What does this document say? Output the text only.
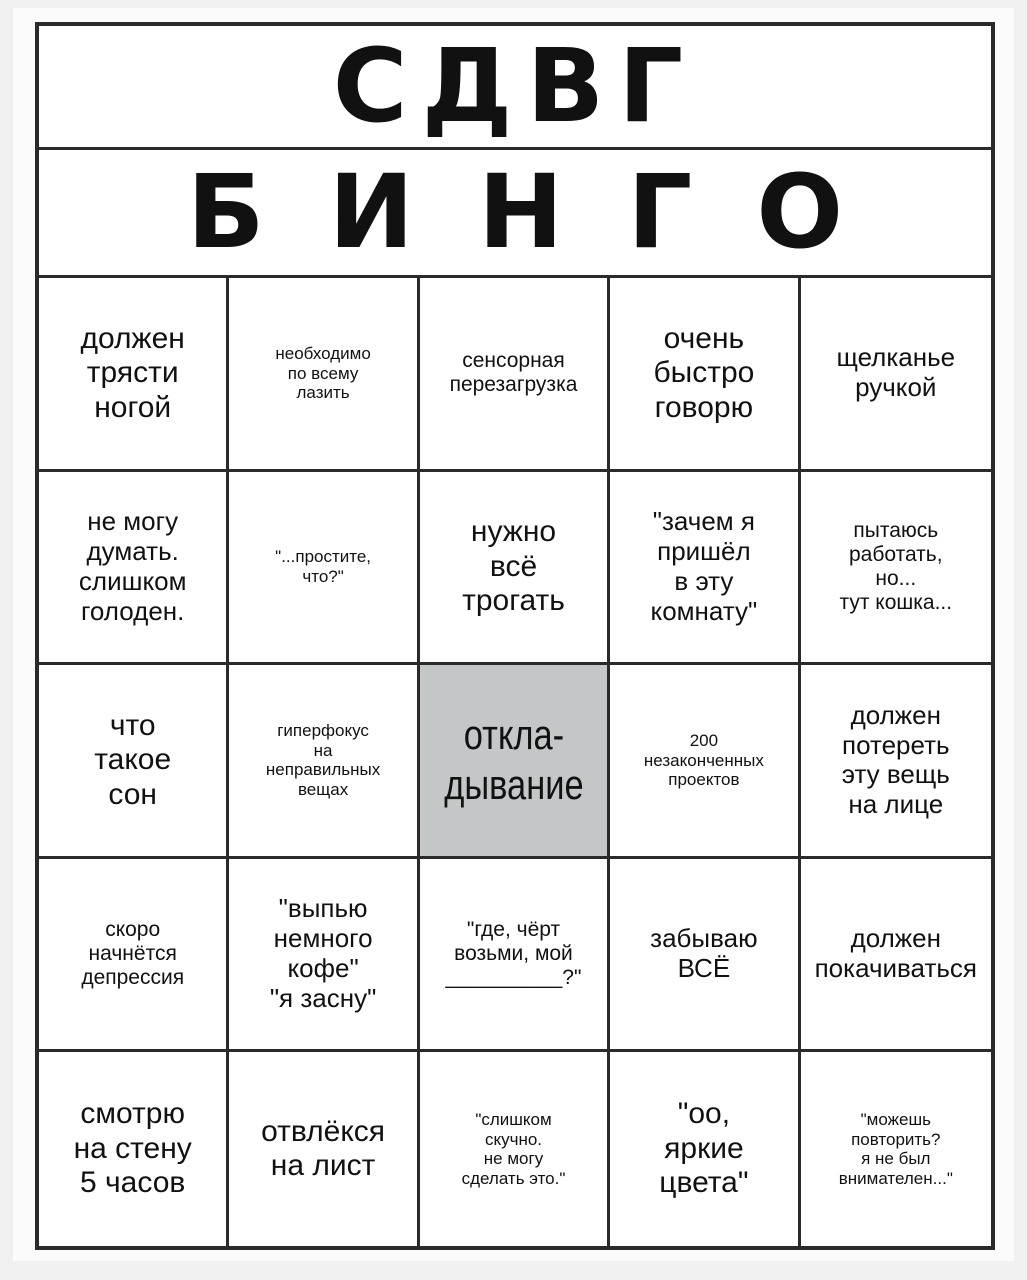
СДВГ
БИНГО
должен
трясти
ногой
необходимо
по всему
лазить
сенсорная
перезагрузка
очень
быстро
говорю
щелканье
ручкой
не могу
думать.
слишком
голоден.
"...простите,
что?"
нужно
всё
трогать
"зачем я
пришёл
в эту
комнату"
пытаюсь
работать,
но...
тут кошка...
что
такое
сон
гиперфокус
на
неправильных
вещах
откла-
дывание
200
незаконченных
проектов
должен
потереть
эту вещь
на лице
скоро
начнётся
депрессия
"выпью
немного
кофе"
"я засну"
"где, чёрт
возьми, мой
__________?"
забываю
ВСЁ
должен
покачиваться
смотрю
на стену
5 часов
отвлёкся
на лист
"слишком
скучно.
не могу
сделать это."
"оо,
яркие
цвета"
"можешь
повторить?
я не был
внимателен..."
